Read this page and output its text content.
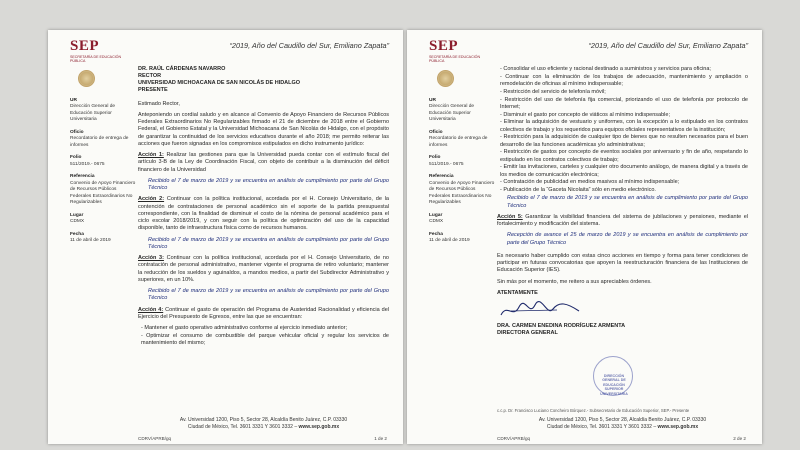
SEP
SECRETARÍA DE EDUCACIÓN PÚBLICA
“2019, Año del Caudillo del Sur, Emiliano Zapata”
UR
Dirección General de Educación Superior Universitaria
Oficio
Recordatorio de entrega de informes
Folio
511/2019.- 0675
Referencia
Convenio de Apoyo Financiero de Recursos Públicos Federales Extraordinarios No Regularizables
Lugar
CDMX
Fecha
11 de abril de 2019
DR. RAÚL CÁRDENAS NAVARRO
RECTOR
UNIVERSIDAD MICHOACANA DE SAN NICOLÁS DE HIDALGO
PRESENTE

Estimado Rector,

Anteponiendo un cordial saludo y en alcance al Convenio de Apoyo Financiero de Recursos Públicos Federales Extraordinarios No Regularizables firmado el 21 de diciembre de 2018 entre el Gobierno Federal, el Gobierno Estatal y la Universidad Michoacana de San Nicolás de Hidalgo, con el propósito de garantizar la continuidad de los servicios educativos durante el año 2018; me permito reiterar las acciones que fueron signadas en los compromisos estipulados en dicho instrumento jurídico:

Acción 1: Realizar las gestiones para que la Universidad pueda contar con el estímulo fiscal del artículo 3-B de la Ley de Coordinación Fiscal, con objeto de contribuir a la disminución del déficit financiero de la Universidad

Recibido el 7 de marzo de 2019 y se encuentra en análisis de cumplimiento por parte del Grupo Técnico

Acción 2: Continuar con la política institucional, acordada por el H. Consejo Universitario, de la contención de contrataciones de personal académico sin el soporte de la partida presupuestal correspondiente, con la finalidad de disminuir el costo de la nómina de personal académico para el ciclo escolar 2018/2019, y con seguir con la política de optimización del uso de la capacidad disponible, tanto de infraestructura física como de recursos humanos.

Recibido el 7 de marzo de 2019 y se encuentra en análisis de cumplimiento por parte del Grupo Técnico

Acción 3: Continuar con la política institucional, acordada por el H. Consejo Universitario, de no contratación de personal administrativo, mantener vigente el programa de retiro voluntario; mantener la reducción de los sueldos y aguinaldos, a mandos medios, a partir del Subdirector Administrativo y superiores, en un 10%.

Recibido el 7 de marzo de 2019 y se encuentra en análisis de cumplimiento por parte del Grupo Técnico

Acción 4: Continuar el gasto de operación del Programa de Austeridad Racionalidad y eficiencia del Ejercicio del Presupuesto de Egresos, entre las que se encuentran:

- Mantener el gasto operativo administrativo conforme al ejercicio inmediato anterior;
- Optimizar el consumo de combustible del parque vehicular oficial y regular los servicios de mantenimiento del mismo;
Av. Universidad 1200, Piso 5, Sector 28, Alcaldía Benito Juárez, C.P. 03330
Ciudad de México, Tel. 3601 3331 Y 3601 3332 – www.sep.gob.mx
CDRV/APRB/gq	1 de 2
SEP
SECRETARÍA DE EDUCACIÓN PÚBLICA
“2019, Año del Caudillo del Sur, Emiliano Zapata”
UR
Dirección General de Educación Superior Universitaria
Oficio
Recordatorio de entrega de informes
Folio
511/2019.- 0675
Referencia
Convenio de Apoyo Financiero de Recursos Públicos Federales Extraordinarios No Regularizables
Lugar
CDMX
Fecha
11 de abril de 2019
- Consolidar el uso eficiente y racional destinado a suministros y servicios para oficina;
- Continuar con la eliminación de los trabajos de adecuación, mantenimiento y ampliación o remodelación de oficinas al mínimo indispensable;
- Restricción del servicio de telefonía móvil;
- Restricción del uso de telefonía fija comercial, priorizando el uso de telefonía por protocolo de Internet;
- Disminuir el gasto por concepto de viáticos al mínimo indispensable;
- Eliminar la adquisición de vestuario y uniformes, con la excepción a lo estipulado en los contratos colectivos de trabajo y los requeridos para equipos oficiales representativos de la institución;
- Restricción para la adquisición de cualquier tipo de bienes que no resulten necesarios para el buen desarrollo de las funciones académicas y/o administrativas;
- Restricción de gastos por concepto de eventos sociales por aniversario y fin de año, respetando lo estipulado en los contratos colectivos de trabajo;
- Emitir las invitaciones, carteles y cualquier otro documento análogo, de manera digital y a través de los medios de comunicación electrónica;
- Contratación de publicidad en medios masivos al mínimo indispensable;
- Publicación de la “Gaceta Nicolaita” sólo en medio electrónico.

Recibido el 7 de marzo de 2019 y se encuentra en análisis de cumplimiento por parte del Grupo Técnico

Acción 5: Garantizar la visibilidad financiera del sistema de jubilaciones y pensiones, mediante el fortalecimiento y modificación del sistema.

Recepción de avance el 25 de marzo de 2019 y se encuentra en análisis de cumplimiento por parte del Grupo Técnico

Es necesario haber cumplido con estas cinco acciones en tiempo y forma para tener condiciones de participar en futuras convocatorias que apoyen la reestructuración financiera de las Instituciones de Educación Superior (IES).

Sin más por el momento, me reitero a sus apreciables órdenes.

ATENTAMENTE
DRA. CARMEN ENEDINA RODRÍGUEZ ARMENTA
DIRECTORA GENERAL
DIRECCIÓN GENERAL DE EDUCACIÓN SUPERIOR UNIVERSITARIA
c.c.p. Dr. Francisco Luciano Concheiro Bórquez.- Subsecretario de Educación Superior, SEP.- Presente
Av. Universidad 1200, Piso 5, Sector 28, Alcaldía Benito Juárez, C.P. 03330
Ciudad de México, Tel. 3601 3331 Y 3601 3332 – www.sep.gob.mx
CDRV/APRB/gq	2 de 2
